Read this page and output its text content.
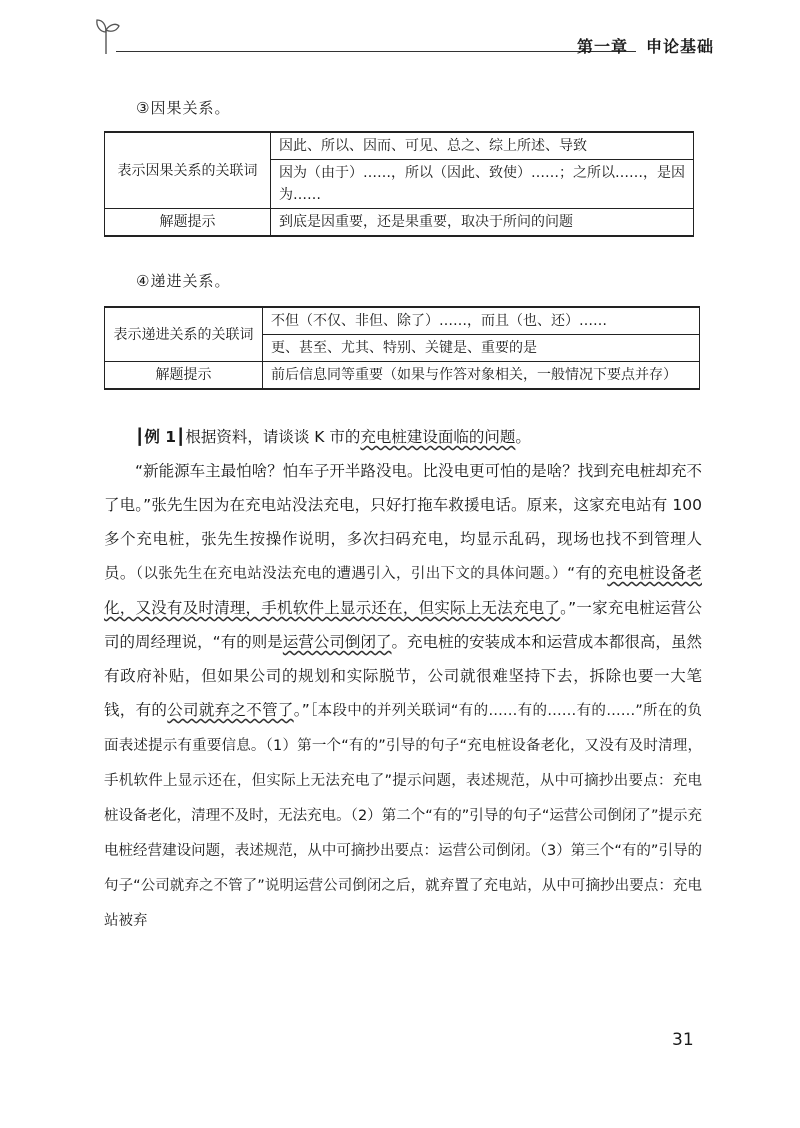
第一章 申论基础
③因果关系。
表示因果关系的关联词	因此、所以、因而、可见、总之、综上所述、导致
	因为（由于）……，所以（因此、致使）……；之所以……，是因为……
解题提示	到底是因重要，还是果重要，取决于所问的问题
④递进关系。
表示递进关系的关联词	不但（不仅、非但、除了）……，而且（也、还）……
	更、甚至、尤其、特别、关键是、重要的是
解题提示	前后信息同等重要（如果与作答对象相关，一般情况下要点并存）

┃例 1┃根据资料，请谈谈 K 市的充电桩建设面临的问题。

“新能源车主最怕啥？怕车子开半路没电。比没电更可怕的是啥？找到充电桩却充不了电。”张先生因为在充电站没法充电，只好打拖车救援电话。原来，这家充电站有 100 多个充电桩，张先生按操作说明，多次扫码充电，均显示乱码，现场也找不到管理人员。（以张先生在充电站没法充电的遭遇引入，引出下文的具体问题。）“有的充电桩设备老化，又没有及时清理，手机软件上显示还在，但实际上无法充电了。”一家充电桩运营公司的周经理说，“有的则是运营公司倒闭了。充电桩的安装成本和运营成本都很高，虽然有政府补贴，但如果公司的规划和实际脱节，公司就很难坚持下去，拆除也要一大笔钱，有的公司就弃之不管了。”［本段中的并列关联词“有的……有的……有的……”所在的负面表述提示有重要信息。（1）第一个“有的”引导的句子“充电桩设备老化，又没有及时清理，手机软件上显示还在，但实际上无法充电了”提示问题，表述规范，从中可摘抄出要点：充电桩设备老化，清理不及时，无法充电。（2）第二个“有的”引导的句子“运营公司倒闭了”提示充电桩经营建设问题，表述规范，从中可摘抄出要点：运营公司倒闭。（3）第三个“有的”引导的句子“公司就弃之不管了”说明运营公司倒闭之后，就弃置了充电站，从中可摘抄出要点：充电站被弃

31
